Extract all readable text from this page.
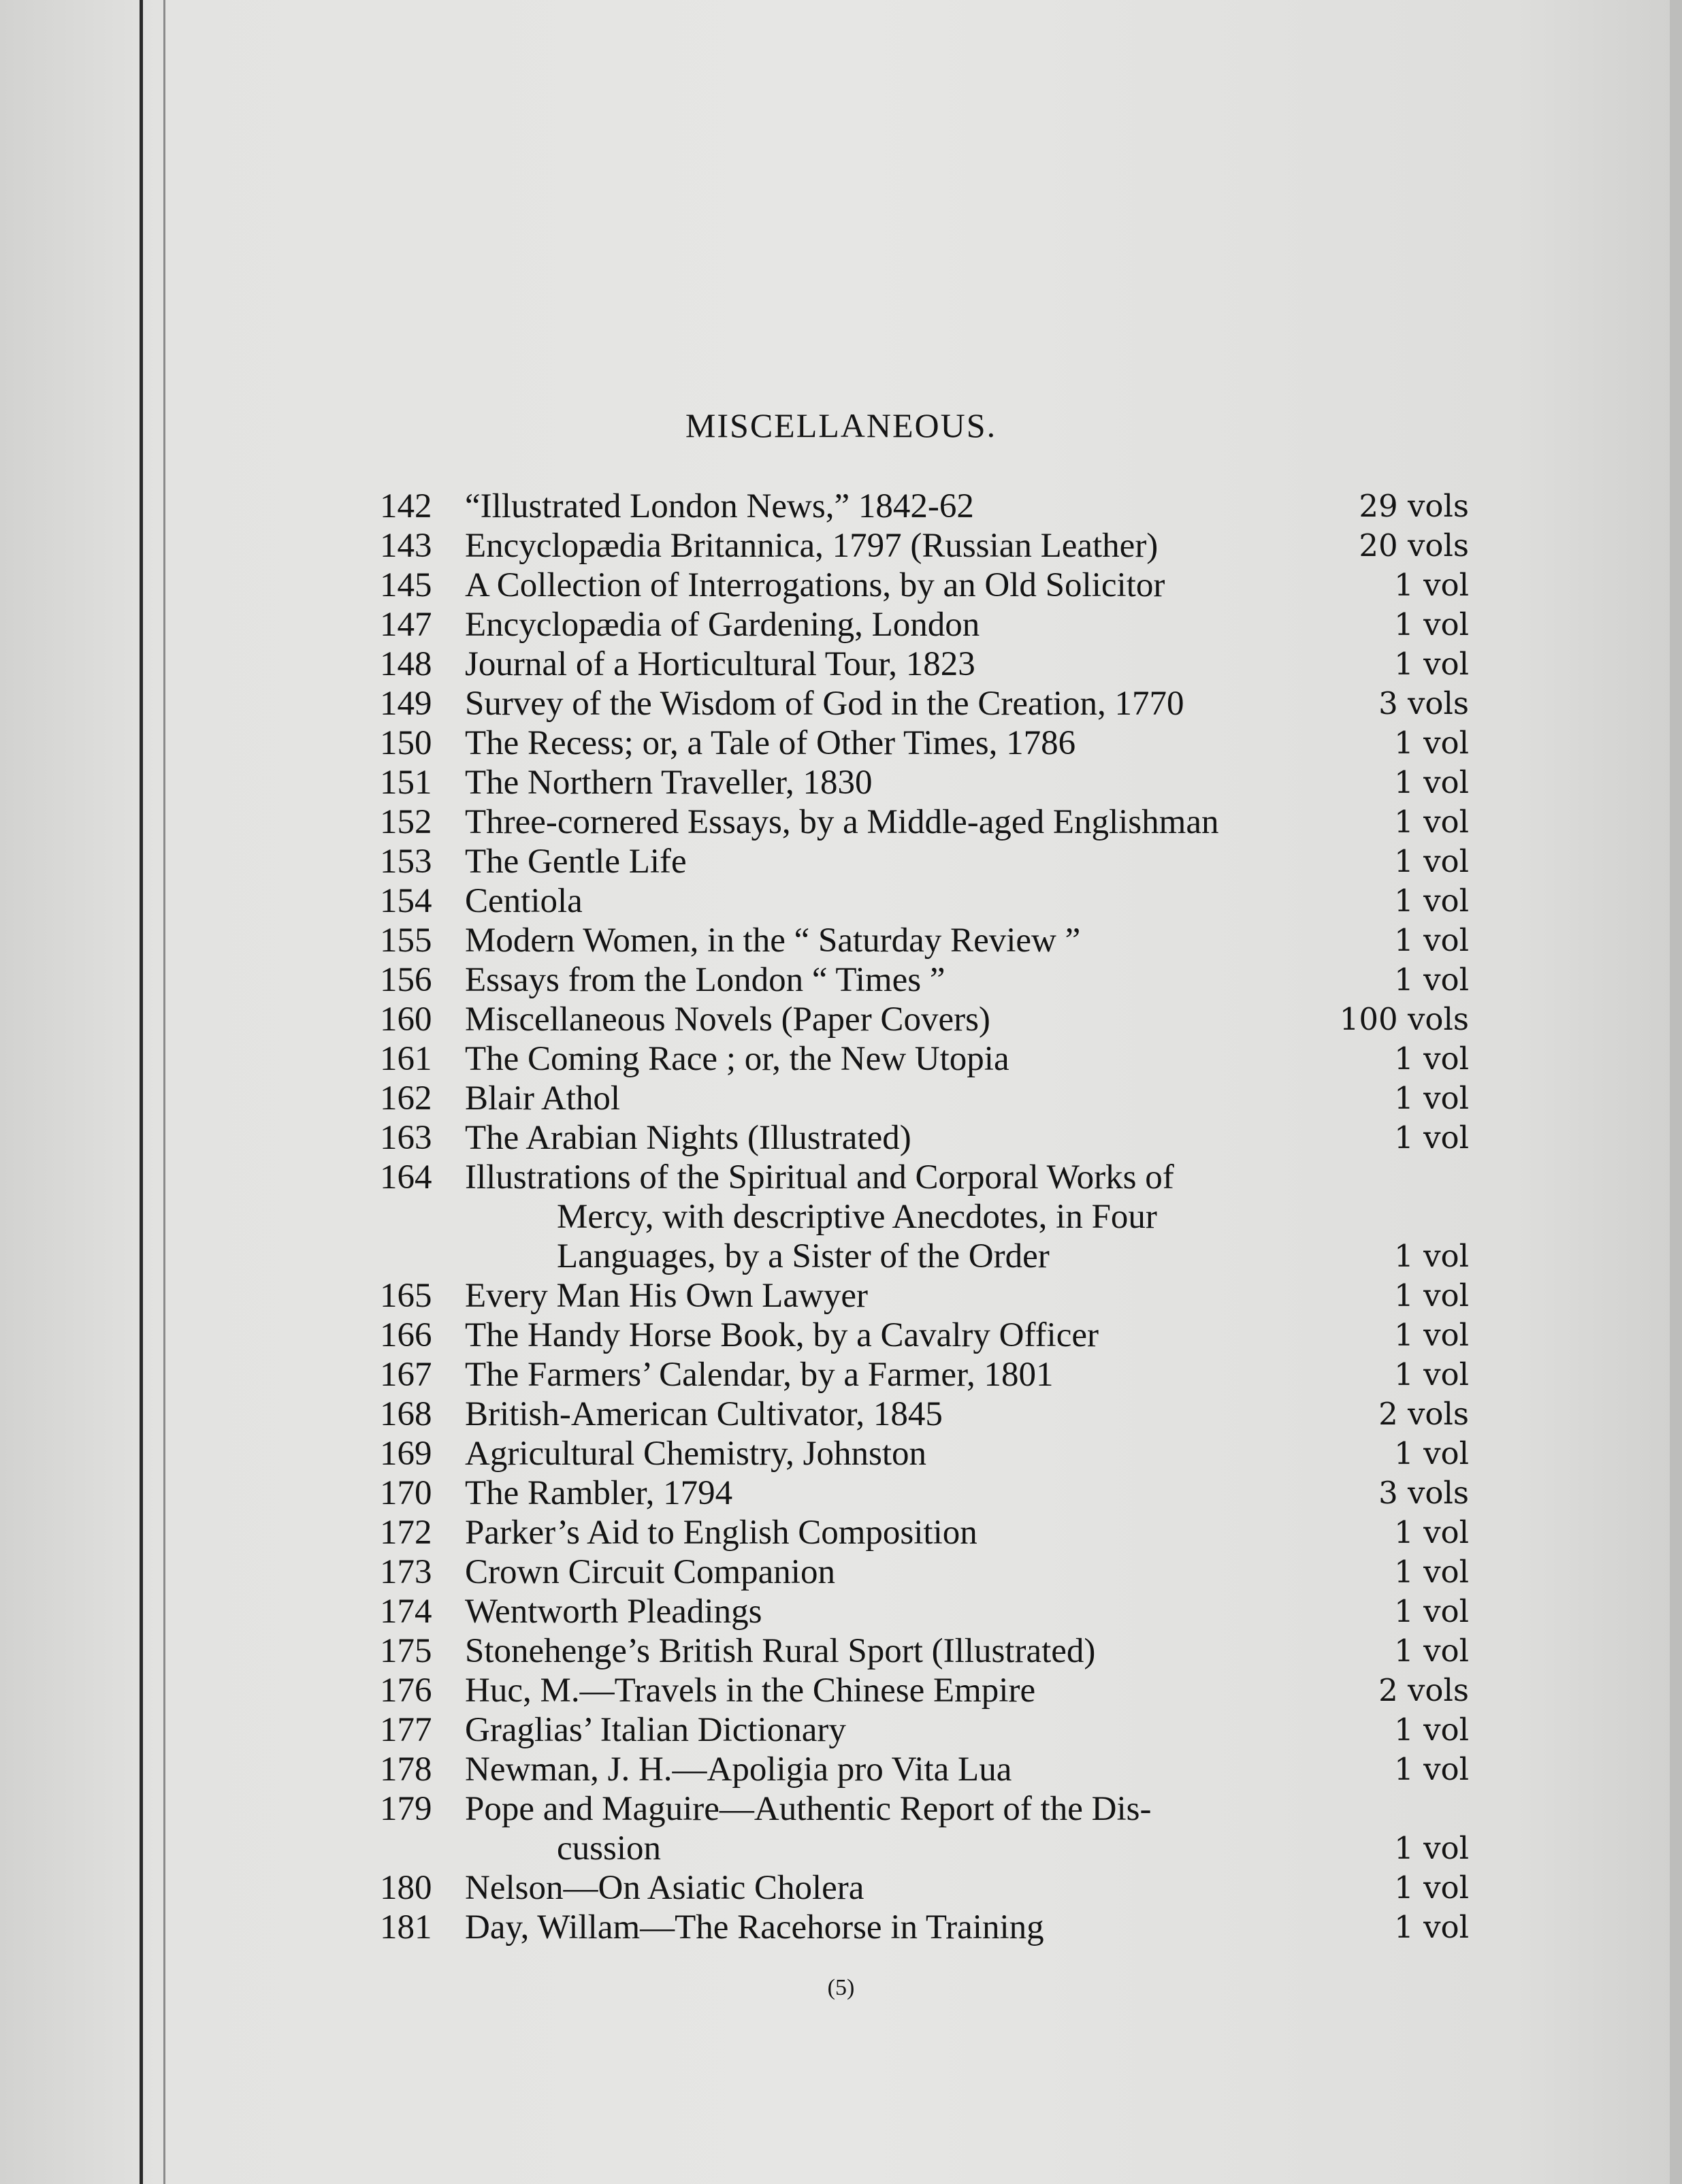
MISCELLANEOUS.
142 “Illustrated London News,” 1842-62	29 vols
143 Encyclopædia Britannica, 1797 (Russian Leather)	20 vols
145 A Collection of Interrogations, by an Old Solicitor	1 vol
147 Encyclopædia of Gardening, London	1 vol
148 Journal of a Horticultural Tour, 1823	1 vol
149 Survey of the Wisdom of God in the Creation, 1770	3 vols
150 The Recess; or, a Tale of Other Times, 1786	1 vol
151 The Northern Traveller, 1830	1 vol
152 Three-cornered Essays, by a Middle-aged Englishman	1 vol
153 The Gentle Life	1 vol
154 Centiola	1 vol
155 Modern Women, in the “ Saturday Review ”	1 vol
156 Essays from the London “ Times ”	1 vol
160 Miscellaneous Novels (Paper Covers)	100 vols
161 The Coming Race ; or, the New Utopia	1 vol
162 Blair Athol	1 vol
163 The Arabian Nights (Illustrated)	1 vol
164 Illustrations of the Spiritual and Corporal Works of
Mercy, with descriptive Anecdotes, in Four
Languages, by a Sister of the Order	1 vol
165 Every Man His Own Lawyer	1 vol
166 The Handy Horse Book, by a Cavalry Officer	1 vol
167 The Farmers’ Calendar, by a Farmer, 1801	1 vol
168 British-American Cultivator, 1845	2 vols
169 Agricultural Chemistry, Johnston	1 vol
170 The Rambler, 1794	3 vols
172 Parker’s Aid to English Composition	1 vol
173 Crown Circuit Companion	1 vol
174 Wentworth Pleadings	1 vol
175 Stonehenge’s British Rural Sport (Illustrated)	1 vol
176 Huc, M.—Travels in the Chinese Empire	2 vols
177 Graglias’ Italian Dictionary	1 vol
178 Newman, J. H.—Apoligia pro Vita Lua	1 vol
179 Pope and Maguire—Authentic Report of the Dis-
cussion	1 vol
180 Nelson—On Asiatic Cholera	1 vol
181 Day, Willam—The Racehorse in Training	1 vol
(5)
